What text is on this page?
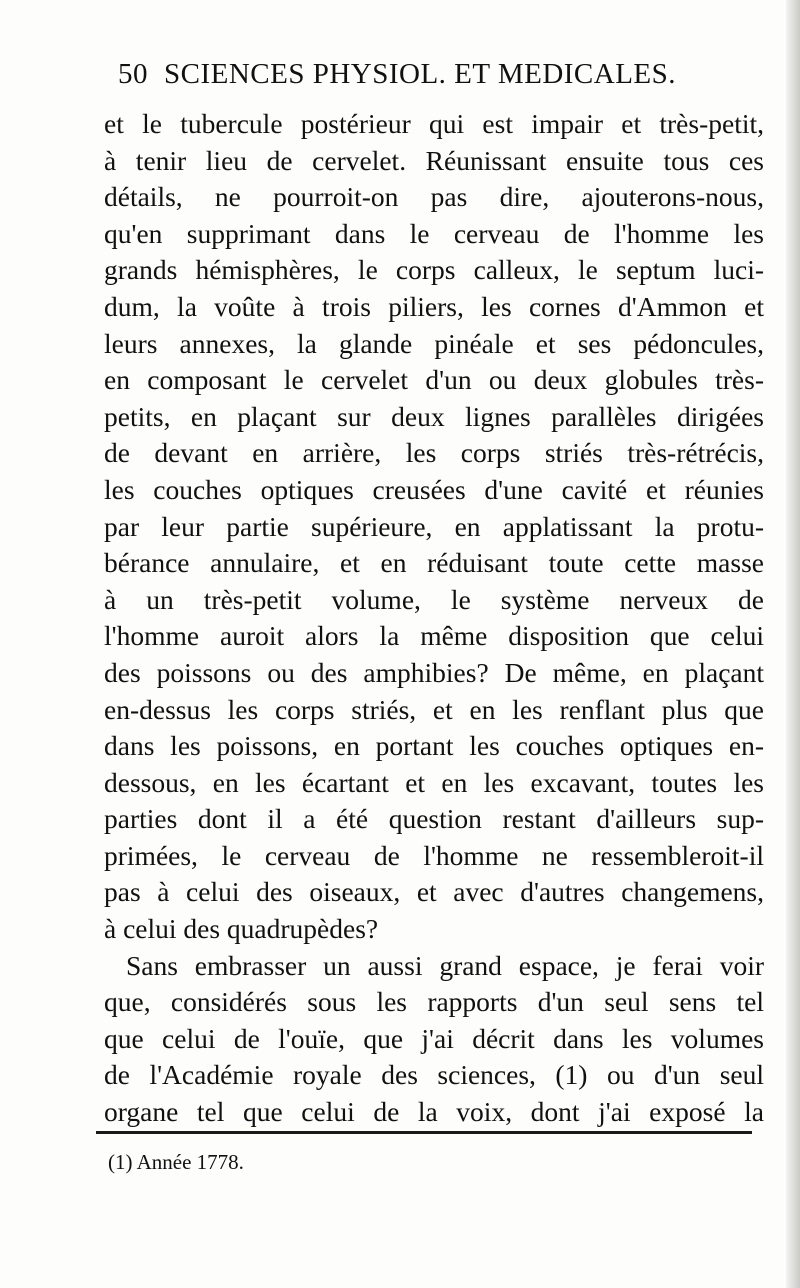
50 SCIENCES PHYSIOL. ET MEDICALES.
et le tubercule postérieur qui est impair et très-petit,
à tenir lieu de cervelet. Réunissant ensuite tous ces
détails, ne pourroit-on pas dire, ajouterons-nous,
qu'en supprimant dans le cerveau de l'homme les
grands hémisphères, le corps calleux, le septum luci-
dum, la voûte à trois piliers, les cornes d'Ammon et
leurs annexes, la glande pinéale et ses pédoncules,
en composant le cervelet d'un ou deux globules très-
petits, en plaçant sur deux lignes parallèles dirigées
de devant en arrière, les corps striés très-rétrécis,
les couches optiques creusées d'une cavité et réunies
par leur partie supérieure, en applatissant la protu-
bérance annulaire, et en réduisant toute cette masse
à un très-petit volume, le système nerveux de
l'homme auroit alors la même disposition que celui
des poissons ou des amphibies? De même, en plaçant
en-dessus les corps striés, et en les renflant plus que
dans les poissons, en portant les couches optiques en-
dessous, en les écartant et en les excavant, toutes les
parties dont il a été question restant d'ailleurs sup-
primées, le cerveau de l'homme ne ressembleroit-il
pas à celui des oiseaux, et avec d'autres changemens,
à celui des quadrupèdes?
Sans embrasser un aussi grand espace, je ferai voir
que, considérés sous les rapports d'un seul sens tel
que celui de l'ouïe, que j'ai décrit dans les volumes
de l'Académie royale des sciences, (1) ou d'un seul
organe tel que celui de la voix, dont j'ai exposé la
(1) Année 1778.
